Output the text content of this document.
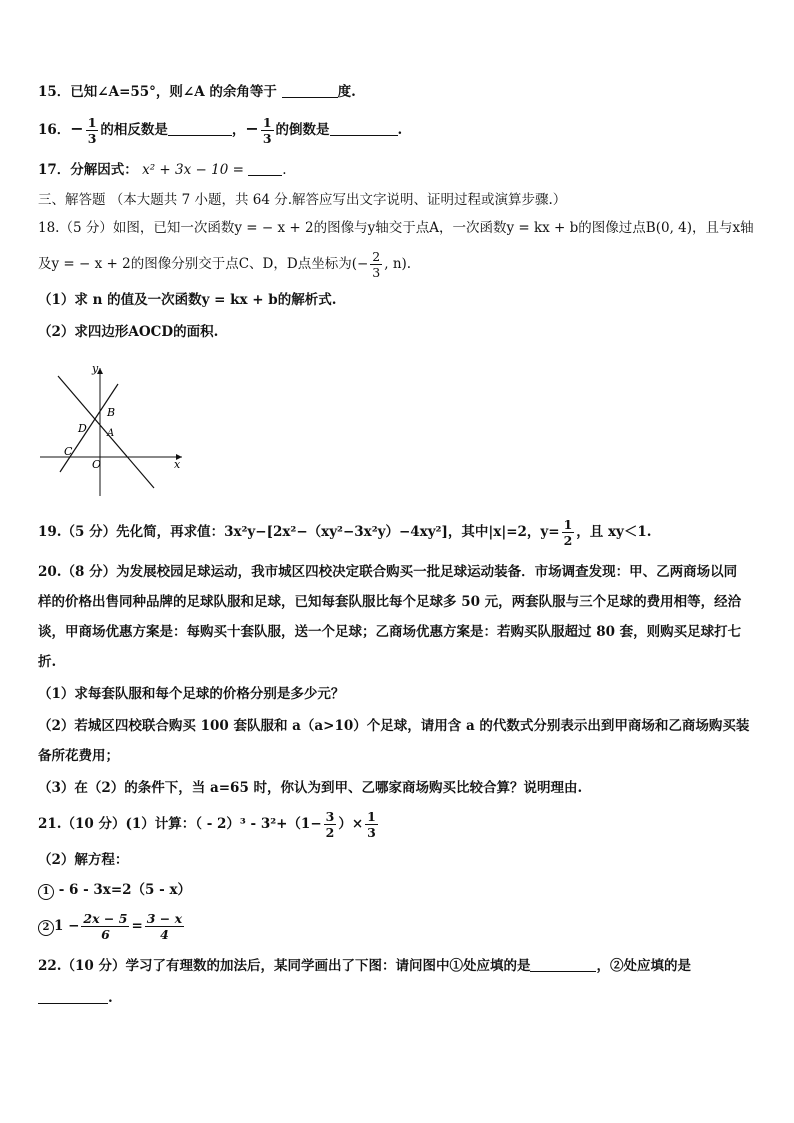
15．已知∠A=55°，则∠A 的余角等于	度.
16．− $\frac{1}{3}$ 的相反数是	，− $\frac{1}{3}$ 的倒数是	.
17．分解因式： x² + 3x − 10 =	.
三、解答题 （本大题共 7 小题，共 64 分.解答应写出文字说明、证明过程或演算步骤.）
18.（5 分）如图，已知一次函数y = − x + 2的图像与y轴交于点A，一次函数y = kx + b的图像过点B(0, 4)，且与x轴
及y = − x + 2的图像分别交于点C、D，D点坐标为(− $\frac{2}{3}$ , n).
（1）求 n 的值及一次函数y = kx + b的解析式.
（2）求四边形AOCD的面积.
y
x
B
A
D
C
O
19.（5 分）先化简，再求值：3x²y−[2x²−（xy²−3x²y）−4xy²]，其中|x|=2，$y= \frac{1}{2}$ ，且 xy＜1.
20.（8 分）为发展校园足球运动，我市城区四校决定联合购买一批足球运动装备．市场调查发现：甲、乙两商场以同
样的价格出售同种品牌的足球队服和足球，已知每套队服比每个足球多 50 元，两套队服与三个足球的费用相等，经洽
谈，甲商场优惠方案是：每购买十套队服，送一个足球；乙商场优惠方案是：若购买队服超过 80 套，则购买足球打七
折.
（1）求每套队服和每个足球的价格分别是多少元？
（2）若城区四校联合购买 100 套队服和 a（a>10）个足球，请用含 a 的代数式分别表示出到甲商场和乙商场购买装
备所花费用；
（3）在（2）的条件下，当 a=65 时，你认为到甲、乙哪家商场购买比较合算？说明理由.
21.（10 分）(1）计算：（ - $2)^3 - 3^2+(1- \frac{3}{2}$ ）× $\frac{1}{3}$
（2）解方程：
1 - 6 - 3x=2（5 - x）
2 $1 - \frac{2x - 5}{6} = \frac{3 - x}{4}$
22.（10 分）学习了有理数的加法后，某同学画出了下图：请问图中①处应填的是	，②处应填的是
.
